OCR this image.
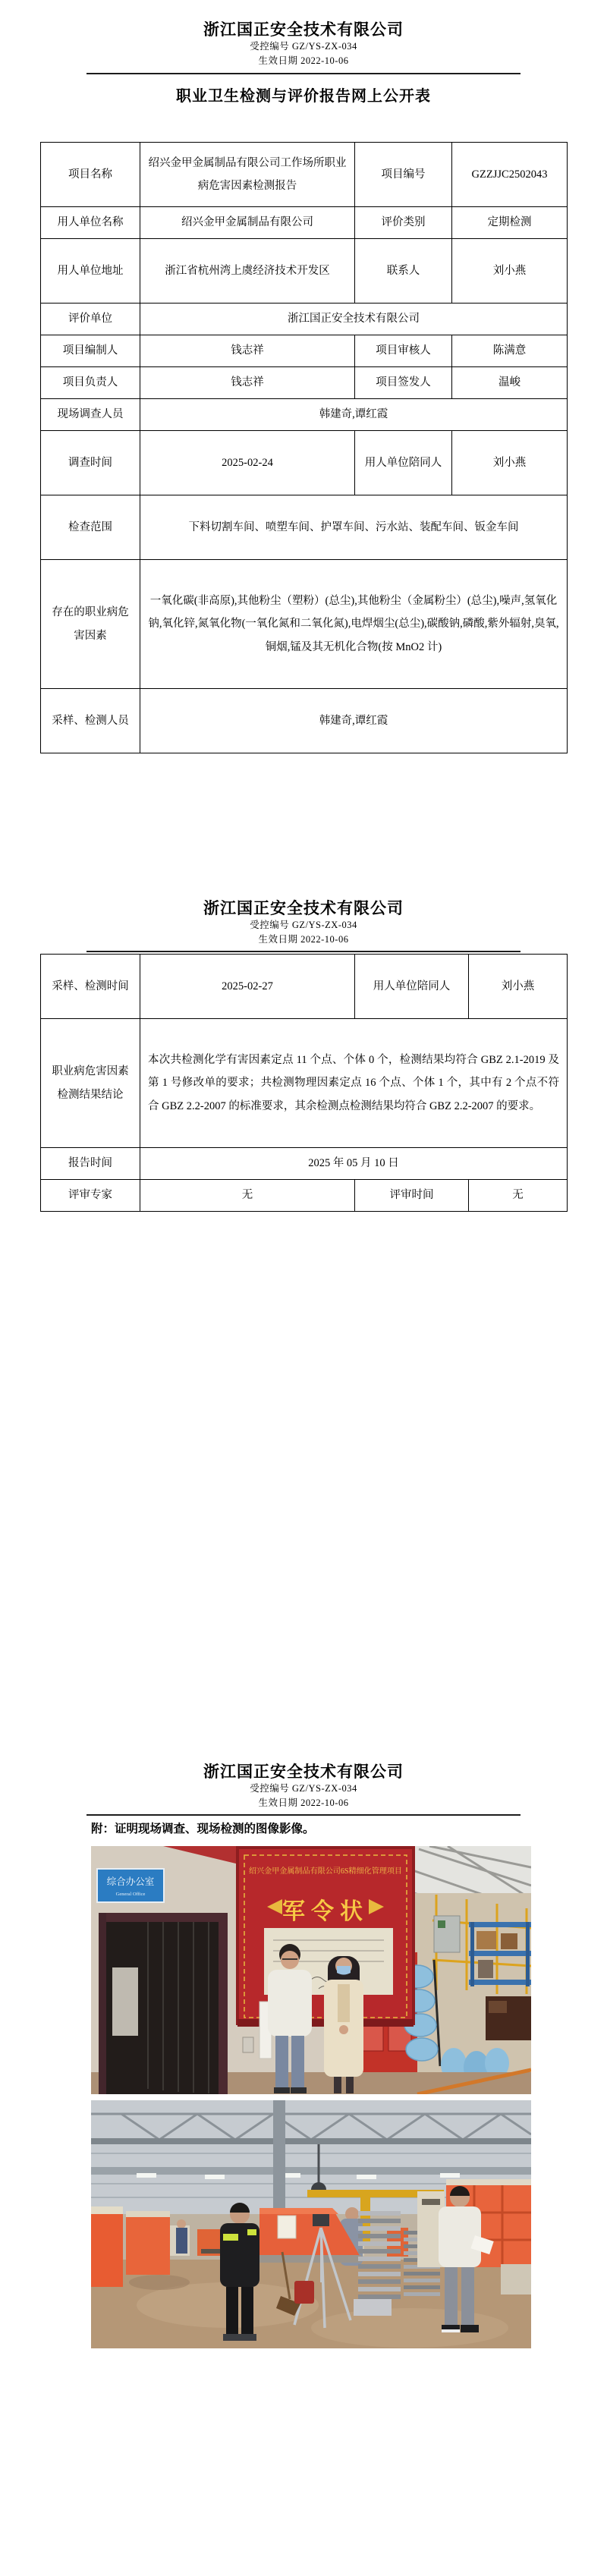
浙江国正安全技术有限公司
受控编号 GZ/YS-ZX-034
生效日期 2022-10-06
职业卫生检测与评价报告网上公开表
项目名称	绍兴金甲金属制品有限公司工作场所职业病危害因素检测报告	项目编号	GZZJJC2502043
用人单位名称	绍兴金甲金属制品有限公司	评价类别	定期检测
用人单位地址	浙江省杭州湾上虞经济技术开发区	联系人	刘小燕
评价单位	浙江国正安全技术有限公司		
项目编制人	钱志祥	项目审核人	陈满意
项目负责人	钱志祥	项目签发人	温峻
现场调查人员	韩建奇,谭红霞		
调查时间	2025-02-24	用人单位陪同人	刘小燕
检查范围	下料切割车间、喷塑车间、护罩车间、污水站、装配车间、钣金车间		
存在的职业病危害因素	一氧化碳(非高原),其他粉尘（塑粉）(总尘),其他粉尘（金属粉尘）(总尘),噪声,氢氧化钠,氧化锌,氮氧化物(一氧化氮和二氧化氮),电焊烟尘(总尘),碳酸钠,磷酸,紫外辐射,臭氧,铜烟,锰及其无机化合物(按 MnO2 计)		
采样、检测人员	韩建奇,谭红霞		
浙江国正安全技术有限公司
受控编号 GZ/YS-ZX-034
生效日期 2022-10-06
采样、检测时间	2025-02-27	用人单位陪同人	刘小燕
职业病危害因素检测结果结论	本次共检测化学有害因素定点 11 个点、个体 0 个，检测结果均符合 GBZ 2.1-2019 及第 1 号修改单的要求；共检测物理因素定点 16 个点、个体 1 个，其中有 2 个点不符合 GBZ 2.2-2007 的标准要求，其余检测点检测结果均符合 GBZ 2.2-2007 的要求。		
报告时间	2025 年 05 月 10 日		
评审专家	无	评审时间	无
浙江国正安全技术有限公司
受控编号 GZ/YS-ZX-034
生效日期 2022-10-06
附：证明现场调查、现场检测的图像影像。
综合办公室
General Office
绍兴金甲金属制品有限公司6S精细化管理项目
军令状
